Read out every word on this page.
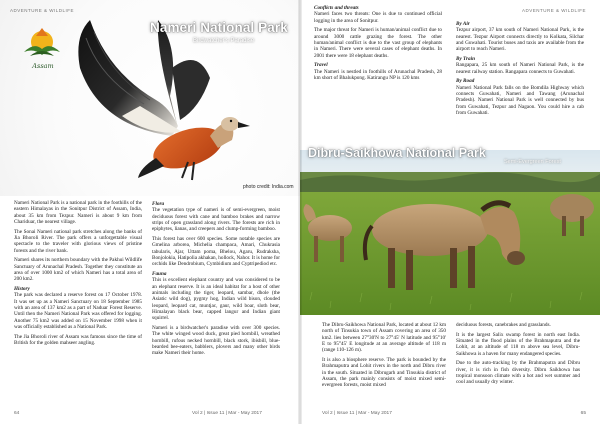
Assam
ADVENTURE & WILDLIFE
Nameri National Park
Birdwatcher's Paradise
photo credit: India.com

Nameri National Park is a national park in the foothills of the eastern Himalayas in the Sonitpur District of Assam, India, about 35 km from Tezpur. Nameri is about 9 km from Chariduar, the nearest village.

The Sonai Nameri national park stretches along the banks of Jia Bhoroli River. The park offers a unforgettable visual spectacle to the traveler with glorious views of pristine forests and the river bank.

Nameri shares its northern boundary with the Pakhui Wildlife Sanctuary of Arunachal Pradesh. Together they constitute an area of over 1000 km2 of which Nameri has a total area of 200 km2.

History

The park was declared a reserve forest on 17 October 1978. It was set up as a Nameri Sanctuary on 18 September 1985 with an area of 137 km2 as a part of Naduar Forest Reserve. Until then the Nameri National Park was offered for logging. Another 75 km2 was added on 15 November 1998 when it was officially established as a National Park.

The Jia Bhoroli river of Assam was famous since the time of British for the golden mahseer angling.

Flora

The vegetation type of nameri is of semi-evergreen, moist deciduous forest with cane and bamboo brakes and narrow strips of open grassland along rivers. The forests are rich in epiphytes, lianas, and creepers and clump-forming bamboo.

This forest has over 600 species. Some notable species are Gmelina arborea, Michelia champaca, Amari, Chukrasia tabularis, Ajar, Uttam poma, Bhelou, Agaru, Rudraksha, Bonjolokia, Hatipolia akhakan, hollock, Nahor. It is home for orchids like Dendrobium, Cymbidium and Cyptripediod etc.

Fauna

This is excellent elephant country and was considered to be an elephant reserve. It is an ideal habitat for a host of other animals including the tiger, leopard, sambar, dhole (the Asiatic wild dog), pygmy hog, Indian wild bison, clouded leopard, leopard cat, muntjac, gaur, wild boar, sloth bear, Himalayan black bear, capped langur and Indian giant squirrel.

Nameri is a birdwatcher's paradise with over 300 species. The white winged wood duck, great pied hornbill, wreathed hornbill, rufous necked hornbill, black stork, ibisbill, blue-bearded bee-eaters, babblers, plovers and many other birds make Nameri their home.

64	Vol 2 | Issue 11 | Mar - May 2017
ADVENTURE & WILDLIFE
Conflicts and threats

Nameri faces two threats: One is due to continued official logging in the area of Sonitpur.

The major threat for Nameri is human/animal conflict due to around 3000 cattle grazing the forest. The other human/animal conflict is due to the vast group of elephants in Nameri. There were several cases of elephant deaths. In 2001 there were 18 elephant deaths.

Travel

The Nameri is nestled in foothills of Arunachal Pradesh, 28 km short of Bhalukpong. Katirangu NP is 120 kms

By Air

Tezpur airport, 37 km south of Nameri National Park, is the nearest. Tezpur Airport connects directly to Kolkata, Silchar and Guwahati. Tourist buses and taxis are available from the airport to reach Nameri.

By Train

Rangapara, 25 km south of Nameri National Park, is the nearest railway station. Rangapara connects to Guwahati.

By Road

Nameri National Park falls on the Bomdila Highway which connects Guwahati, Nameri and Tawang (Arunachal Pradesh). Nameri National Park is well connected by bus from Guwahati, Tezpur and Nagaon. You could hire a cab from Guwahati.

Dibru-Saikhowa National Park
Semi-Evergreen Forest

The Dibru-Saikhowa National Park, located at about 12 km north of Tinsukia town of Assam covering an area of 350 km2. lies between 27°30'N to 27°45' N latitude and 95°10' E to 95°45' E longitude at an average altitude of 118 m (range 110-126 m).

It is also a biosphere reserve. The park is bounded by the Brahmaputra and Lohit rivers in the north and Dibru river in the south. Situated in Dibrugarh and Tinsukia district of Assam, the park mainly consists of moist mixed semi-evergreen forests, moist mixed

deciduous forests, canebrakes and grasslands.

It is the largest Salix swamp forest in north east India. Situated in the flood plains of the Brahmaputra and the Lohit, at an altitude of 118 m above sea level, Dibru-Saikhowa is a haven for many endangered species.

Due to the auto-tracking by the Brahmaputra and Dibru river, it is rich in fish diversity. Dibru Saikhowa has tropical monsoon climate with a hot and wet summer and cool and usually dry winter.

Vol 2 | Issue 11 | Mar - May 2017	65
